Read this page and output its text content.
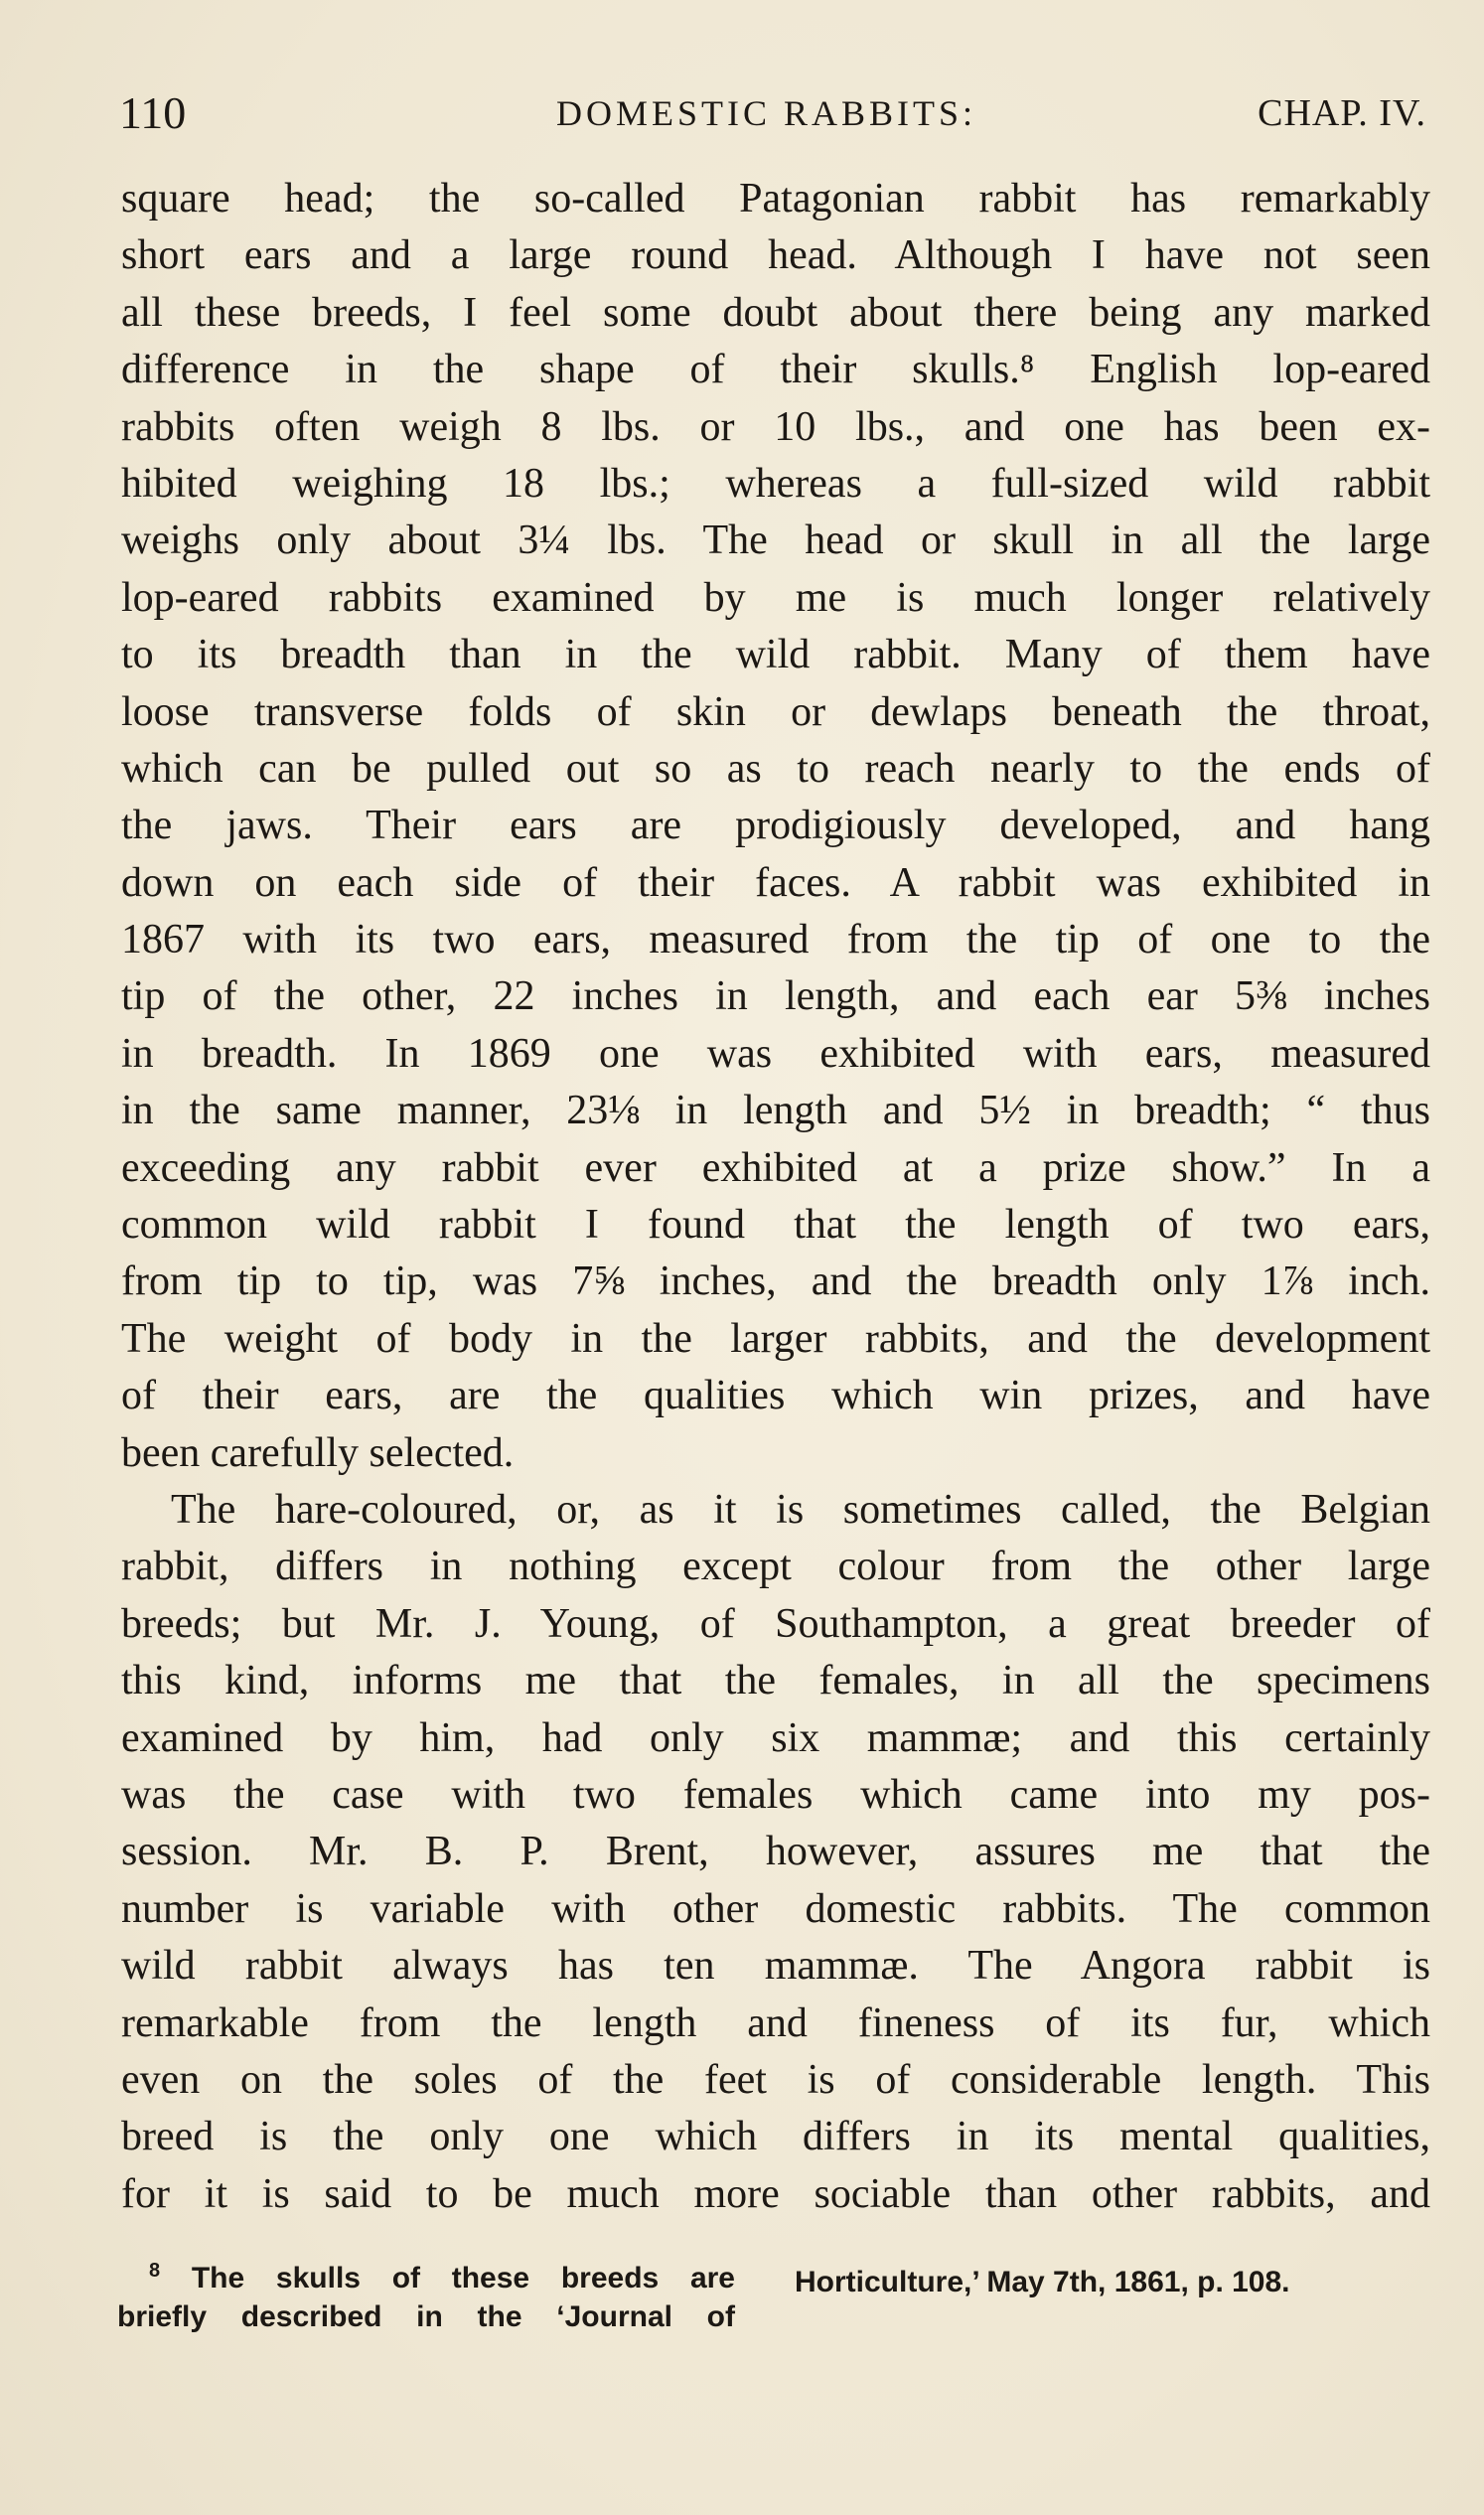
110	DOMESTIC RABBITS:	CHAP. IV.
square head; the so-called Patagonian rabbit has remarkably
short ears and a large round head. Although I have not seen
all these breeds, I feel some doubt about there being any marked
difference in the shape of their skulls.⁸ English lop-eared
rabbits often weigh 8 lbs. or 10 lbs., and one has been ex-
hibited weighing 18 lbs.; whereas a full-sized wild rabbit
weighs only about 3¼ lbs. The head or skull in all the large
lop-eared rabbits examined by me is much longer relatively
to its breadth than in the wild rabbit. Many of them have
loose transverse folds of skin or dewlaps beneath the throat,
which can be pulled out so as to reach nearly to the ends of
the jaws. Their ears are prodigiously developed, and hang
down on each side of their faces. A rabbit was exhibited in
1867 with its two ears, measured from the tip of one to the
tip of the other, 22 inches in length, and each ear 5⅜ inches
in breadth. In 1869 one was exhibited with ears, measured
in the same manner, 23⅛ in length and 5½ in breadth; “ thus
exceeding any rabbit ever exhibited at a prize show.” In a
common wild rabbit I found that the length of two ears,
from tip to tip, was 7⅝ inches, and the breadth only 1⅞ inch.
The weight of body in the larger rabbits, and the development
of their ears, are the qualities which win prizes, and have
been carefully selected.
The hare-coloured, or, as it is sometimes called, the Belgian
rabbit, differs in nothing except colour from the other large
breeds; but Mr. J. Young, of Southampton, a great breeder of
this kind, informs me that the females, in all the specimens
examined by him, had only six mammæ; and this certainly
was the case with two females which came into my pos-
session. Mr. B. P. Brent, however, assures me that the
number is variable with other domestic rabbits. The common
wild rabbit always has ten mammæ. The Angora rabbit is
remarkable from the length and fineness of its fur, which
even on the soles of the feet is of considerable length. This
breed is the only one which differs in its mental qualities,
for it is said to be much more sociable than other rabbits, and
$^8$ The skulls of these breeds are
briefly described in the ‘Journal of
Horticulture,’ May 7th, 1861, p. 108.
